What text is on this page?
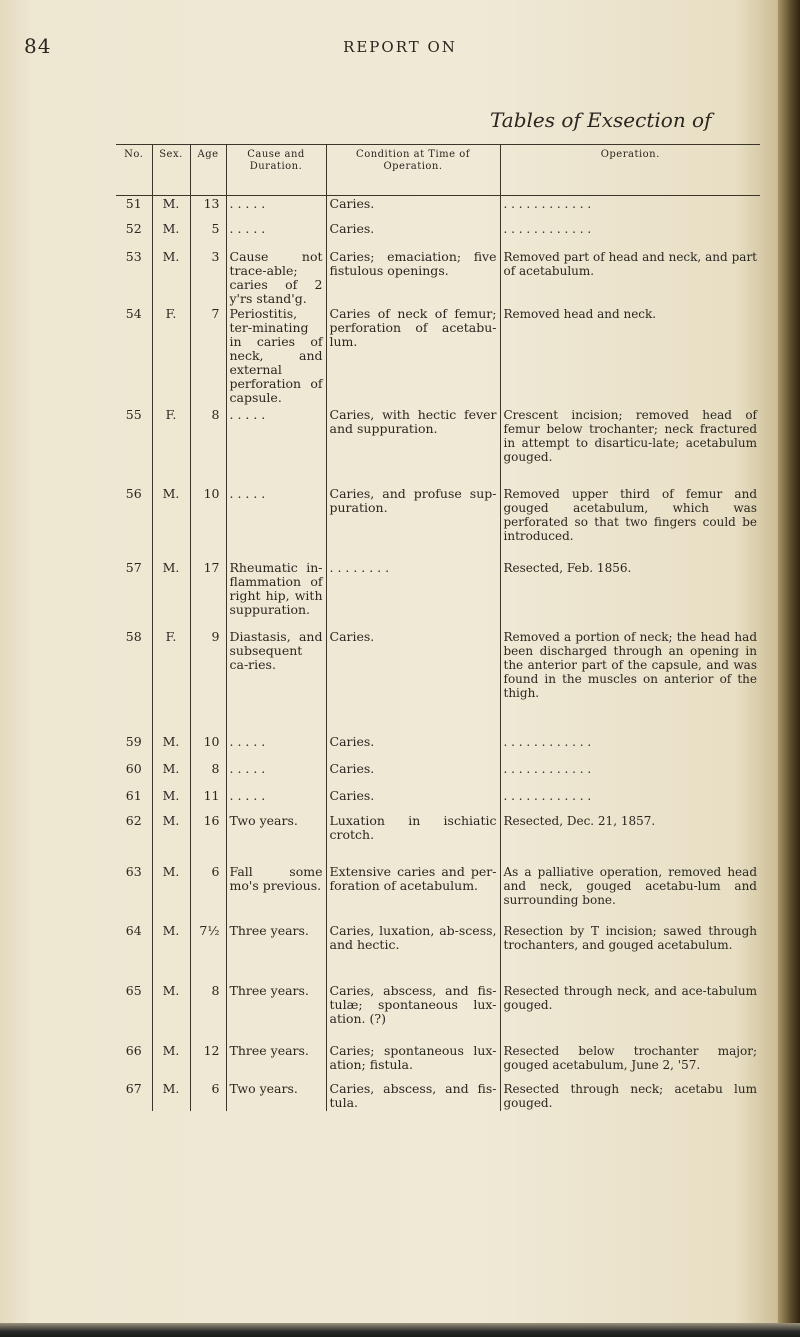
84	REPORT ON
Tables of Exsection of
No.	Sex.	Age	Cause and Duration.	Condition at Time of Operation.	Operation.
51	M.	13	. . . . .	Caries.	. . . . . . . . . . . .
52	M.	5	. . . . .	Caries.	. . . . . . . . . . . .
53	M.	3	Cause not trace-able; caries of 2 y'rs stand'g.	Caries; emaciation; five fistulous openings.	Removed part of head and neck, and part of acetabulum.
54	F.	7	Periostitis, ter-minating in caries of neck, and external perforation of capsule.	Caries of neck of femur; perforation of acetabu-lum.	Removed head and neck.
55	F.	8	. . . . .	Caries, with hectic fever and suppuration.	Crescent incision; removed head of femur below trochanter; neck fractured in attempt to disarticu-late; acetabulum gouged.
56	M.	10	. . . . .	Caries, and profuse sup-puration.	Removed upper third of femur and gouged acetabulum, which was perforated so that two fingers could be introduced.
57	M.	17	Rheumatic in-flammation of right hip, with suppuration.	. . . . . . . .	Resected, Feb. 1856.
58	F.	9	Diastasis, and subsequent ca-ries.	Caries.	Removed a portion of neck; the head had been discharged through an opening in the anterior part of the capsule, and was found in the muscles on anterior of the thigh.
59	M.	10	. . . . .	Caries.	. . . . . . . . . . . .
60	M.	8	. . . . .	Caries.	. . . . . . . . . . . .
61	M.	11	. . . . .	Caries.	. . . . . . . . . . . .
62	M.	16	Two years.	Luxation in ischiatic crotch.	Resected, Dec. 21, 1857.
63	M.	6	Fall some mo's previous.	Extensive caries and per-foration of acetabulum.	As a palliative operation, removed head and neck, gouged acetabu-lum and surrounding bone.
64	M.	7½	Three years.	Caries, luxation, ab-scess, and hectic.	Resection by T incision; sawed through trochanters, and gouged acetabulum.
65	M.	8	Three years.	Caries, abscess, and fis-tulæ; spontaneous lux-ation. (?)	Resected through neck, and ace-tabulum gouged.
66	M.	12	Three years.	Caries; spontaneous lux-ation; fistula.	Resected below trochanter major; gouged acetabulum, June 2, '57.
67	M.	6	Two years.	Caries, abscess, and fis-tula.	Resected through neck; acetabu lum gouged.
